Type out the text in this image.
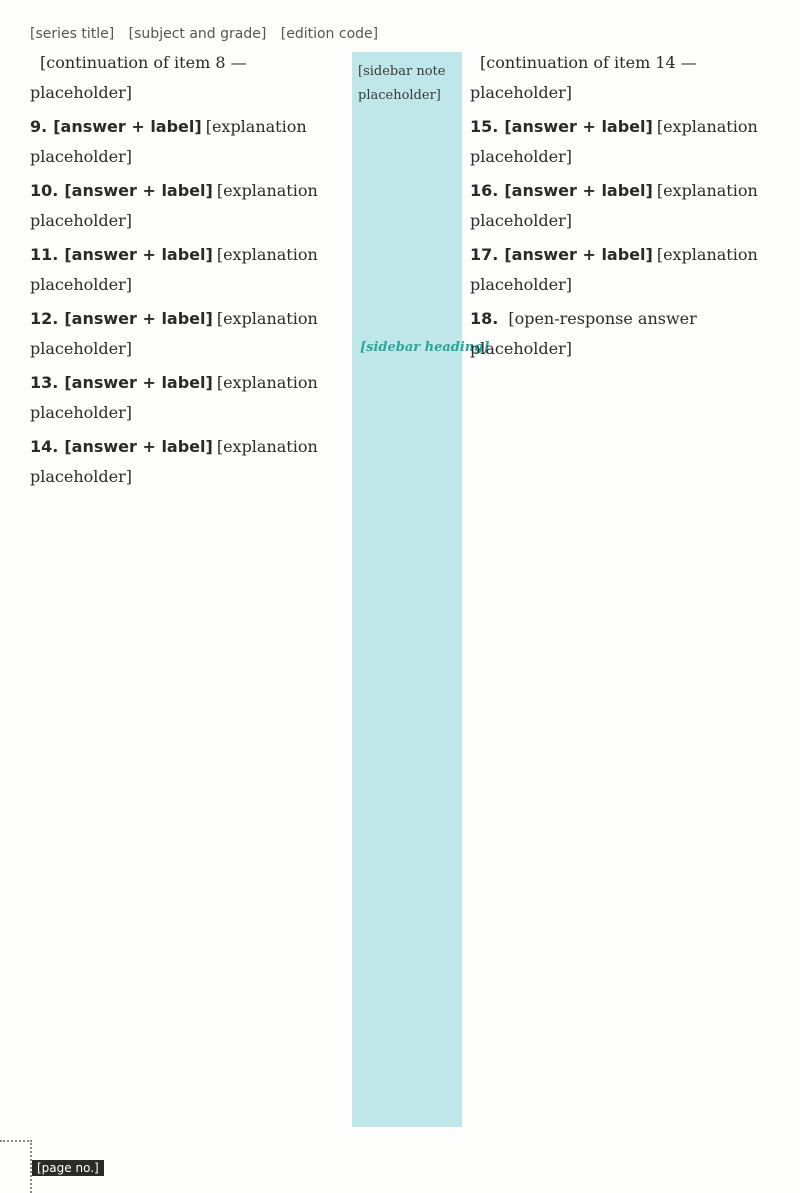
[series title] [subject and grade] [edition code]
[continuation of item 8 — placeholder]
9. [answer + label] [explanation placeholder]
10. [answer + label] [explanation placeholder]
11. [answer + label] [explanation placeholder]
12. [answer + label] [explanation placeholder]
13. [answer + label] [explanation placeholder]
14. [answer + label] [explanation placeholder]
[sidebar note placeholder]
[sidebar heading]
[continuation of item 14 — placeholder]
15. [answer + label] [explanation placeholder]
16. [answer + label] [explanation placeholder]
17. [answer + label] [explanation placeholder]
18. [open-response answer placeholder]
[page no.]
